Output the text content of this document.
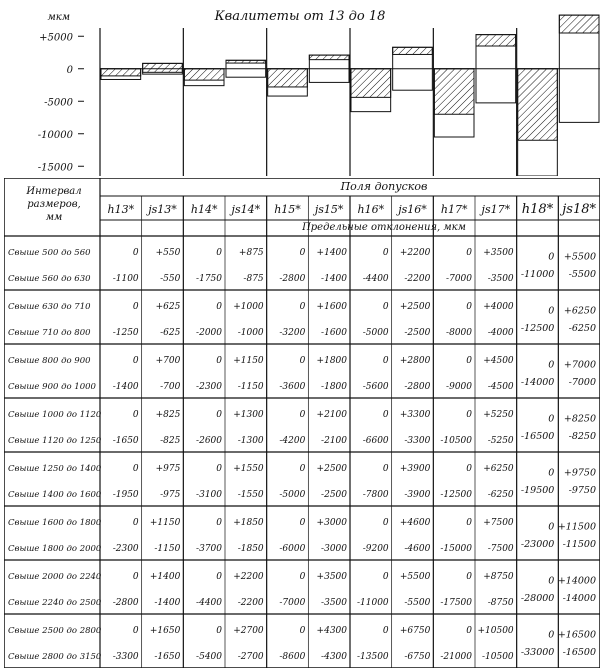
Квалитеты от 13 до 18
мкм
+5000
0
-5000
-10000
-15000
Поля допусков
Предельные отклонения, мкм
Интервал
размеров,
мм
h13* js13* h14* js14* h15* js15* h16* js16* h17* js17* h18* js18*
Свыше 500 до 560
Свыше 560 до 630
0
-1100
+550
-550
0
-1750
+875
-875
0
-2800
+1400
-1400
0
-4400
+2200
-2200
0
-7000
+3500
-3500
0
-11000
+5500
-5500
Свыше 630 до 710
Свыше 710 до 800
0
-1250
+625
-625
0
-2000
+1000
-1000
0
-3200
+1600
-1600
0
-5000
+2500
-2500
0
-8000
+4000
-4000
0
-12500
+6250
-6250
Свыше 800 до 900
Свыше 900 до 1000
0
-1400
+700
-700
0
-2300
+1150
-1150
0
-3600
+1800
-1800
0
-5600
+2800
-2800
0
-9000
+4500
-4500
0
-14000
+7000
-7000
Свыше 1000 до 1120
Свыше 1120 до 1250
0
-1650
+825
-825
0
-2600
+1300
-1300
0
-4200
+2100
-2100
0
-6600
+3300
-3300
0
-10500
+5250
-5250
0
-16500
+8250
-8250
Свыше 1250 до 1400
Свыше 1400 до 1600
0
-1950
+975
-975
0
-3100
+1550
-1550
0
-5000
+2500
-2500
0
-7800
+3900
-3900
0
-12500
+6250
-6250
0
-19500
+9750
-9750
Свыше 1600 до 1800
Свыше 1800 до 2000
0
-2300
+1150
-1150
0
-3700
+1850
-1850
0
-6000
+3000
-3000
0
-9200
+4600
-4600
0
-15000
+7500
-7500
0
-23000
+11500
-11500
Свыше 2000 до 2240
Свыше 2240 до 2500
0
-2800
+1400
-1400
0
-4400
+2200
-2200
0
-7000
+3500
-3500
0
-11000
+5500
-5500
0
-17500
+8750
-8750
0
-28000
+14000
-14000
Свыше 2500 до 2800
Свыше 2800 до 3150
0
-3300
+1650
-1650
0
-5400
+2700
-2700
0
-8600
+4300
-4300
0
-13500
+6750
-6750
0
-21000
+10500
-10500
0
-33000
+16500
-16500
